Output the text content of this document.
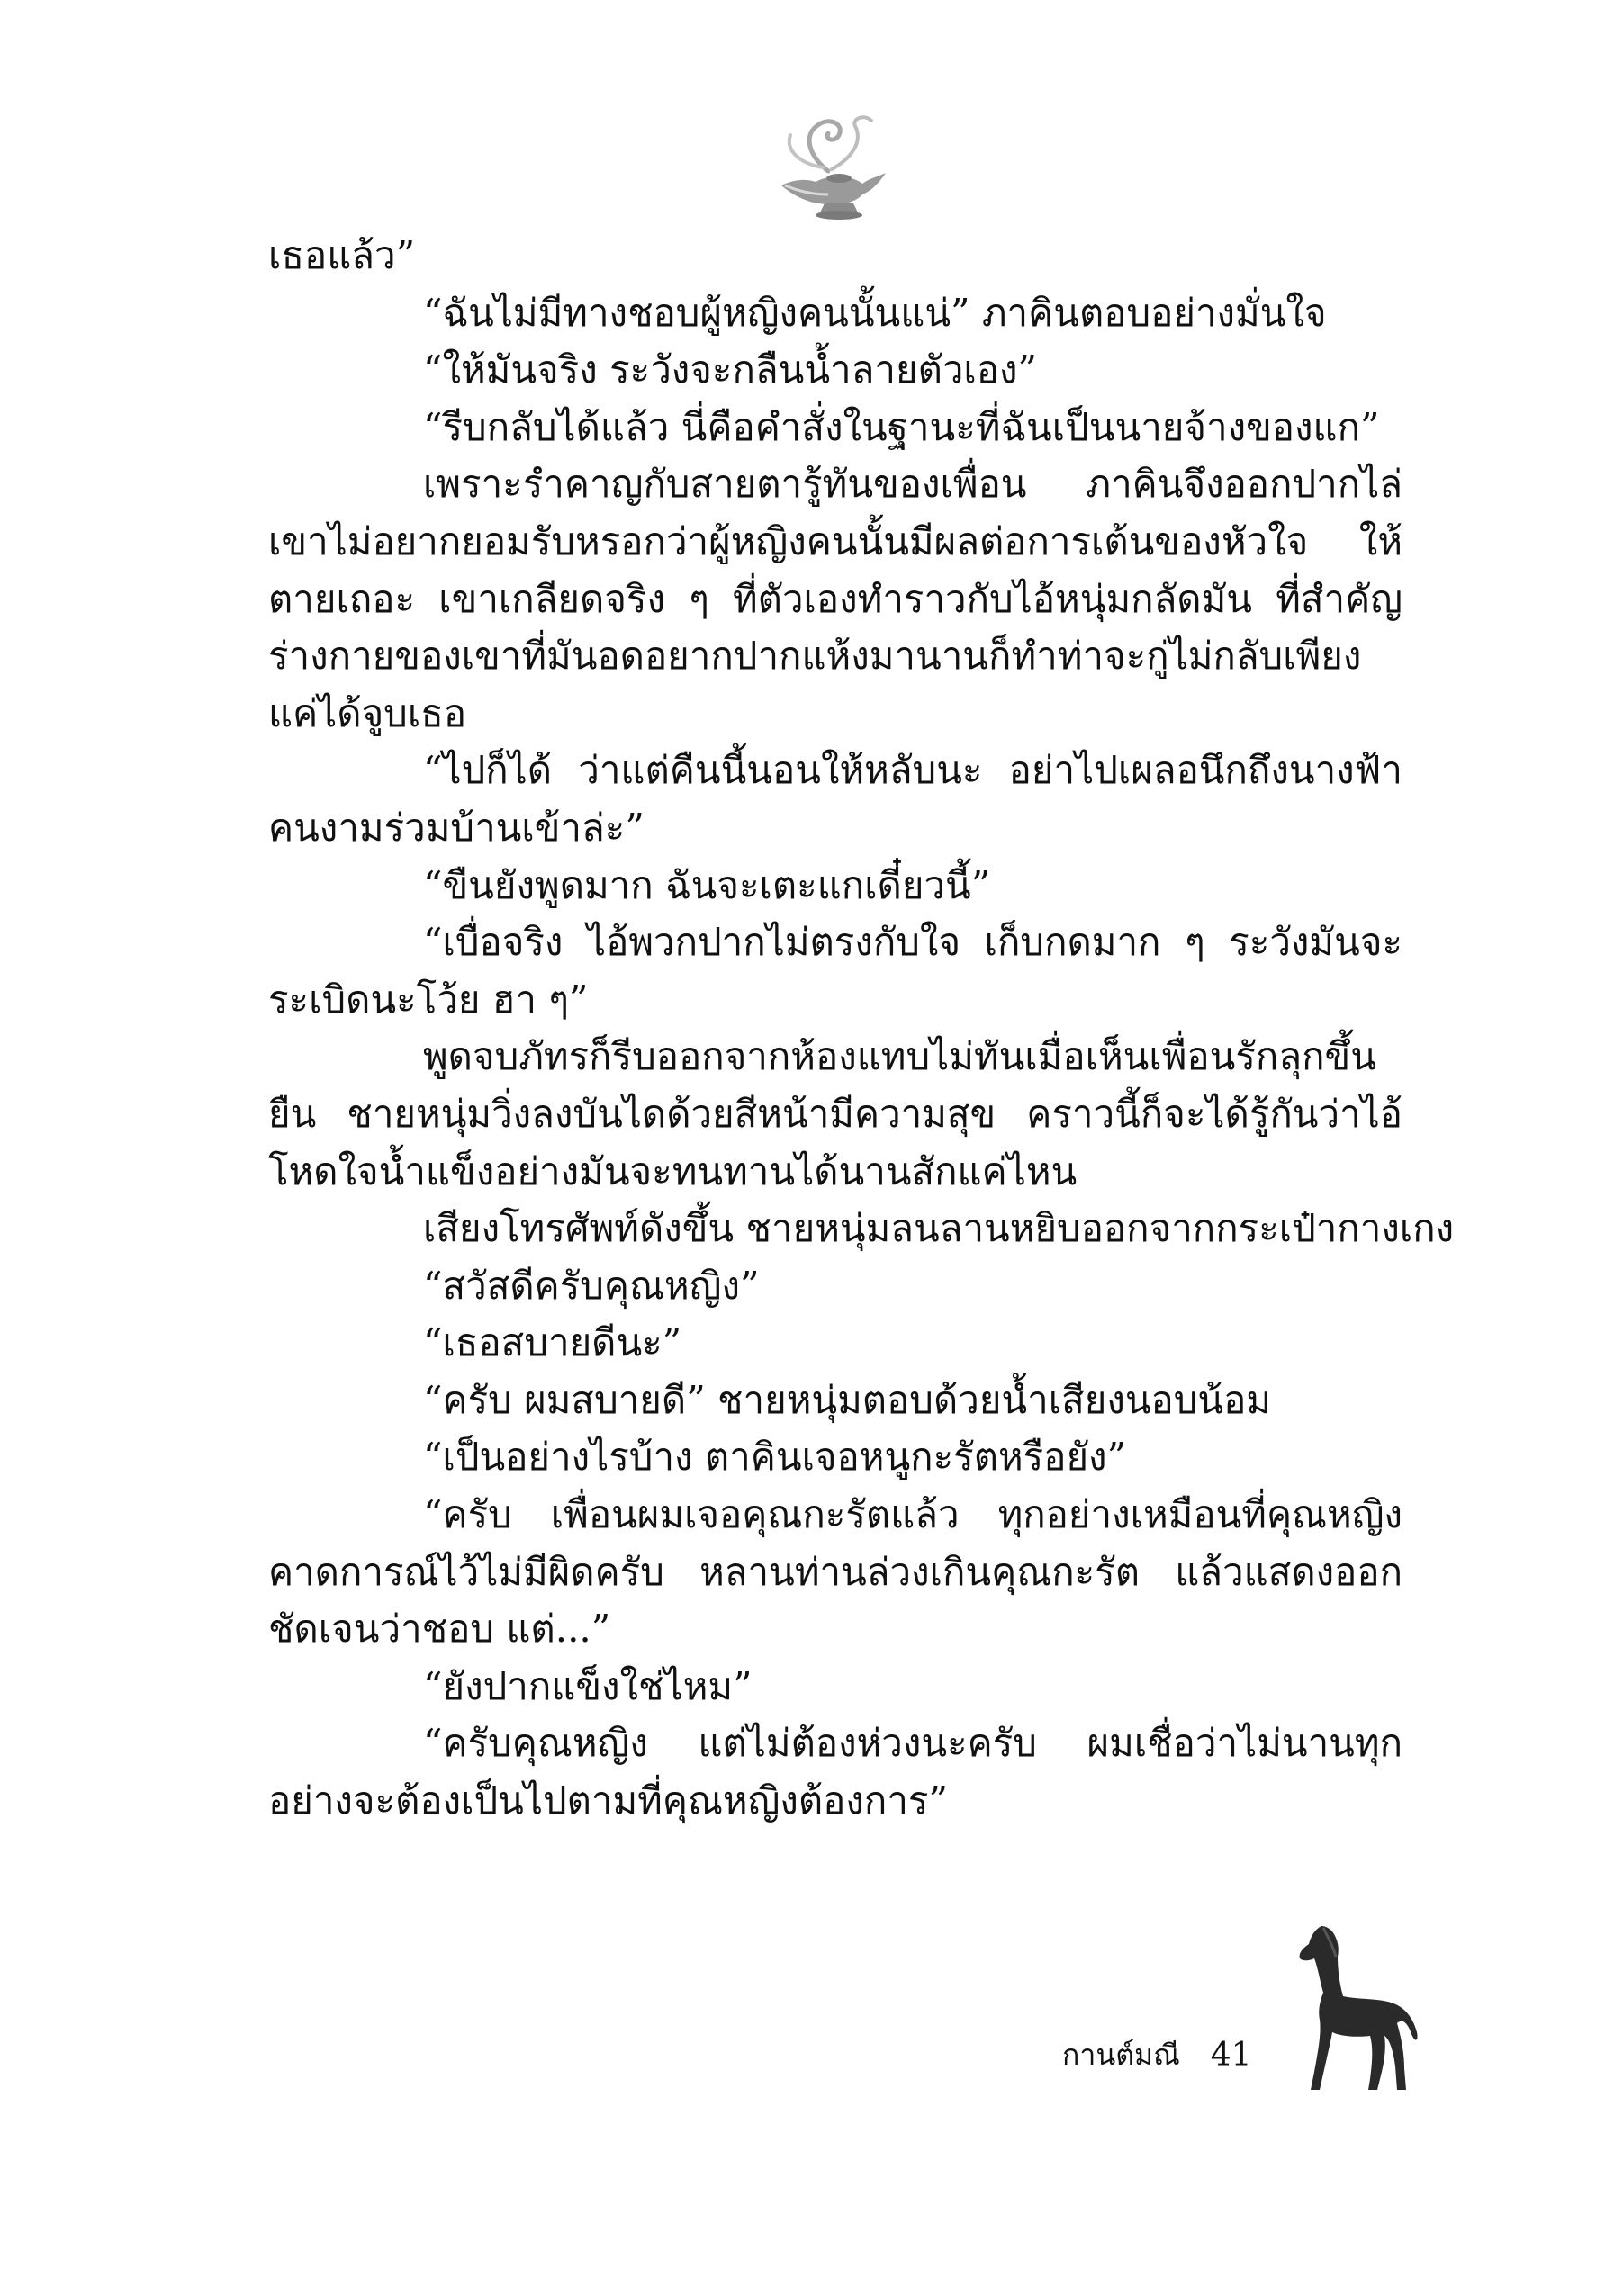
เธอแล้ว”

“ฉันไม่มีทางชอบผู้หญิงคนนั้นแน่” ภาคินตอบอย่างมั่นใจ

“ให้มันจริง ระวังจะกลืนน้ำลายตัวเอง”

“รีบกลับได้แล้ว นี่คือคำสั่งในฐานะที่ฉันเป็นนายจ้างของแก”

เพราะรำคาญกับสายตารู้ทันของเพื่อน ภาคินจึงออกปากไล่ เขาไม่อยากยอมรับหรอกว่าผู้หญิงคนนั้นมีผลต่อการเต้นของหัวใจ ให้ตายเถอะ เขาเกลียดจริง ๆ ที่ตัวเองทำราวกับไอ้หนุ่มกลัดมัน ที่สำคัญ ร่างกายของเขาที่มันอดอยากปากแห้งมานานก็ทำท่าจะกู่ไม่กลับเพียงแค่ได้จูบเธอ

“ไปก็ได้ ว่าแต่คืนนี้นอนให้หลับนะ อย่าไปเผลอนึกถึงนางฟ้าคนงามร่วมบ้านเข้าล่ะ”

“ขืนยังพูดมาก ฉันจะเตะแกเดี๋ยวนี้”

“เบื่อจริง ไอ้พวกปากไม่ตรงกับใจ เก็บกดมาก ๆ ระวังมันจะระเบิดนะโว้ย ฮา ๆ”

พูดจบภัทรก็รีบออกจากห้องแทบไม่ทันเมื่อเห็นเพื่อนรักลุกขึ้นยืน ชายหนุ่มวิ่งลงบันไดด้วยสีหน้ามีความสุข คราวนี้ก็จะได้รู้กันว่าไอ้โหดใจน้ำแข็งอย่างมันจะทนทานได้นานสักแค่ไหน

เสียงโทรศัพท์ดังขึ้น ชายหนุ่มลนลานหยิบออกจากกระเป๋ากางเกง

“สวัสดีครับคุณหญิง”

“เธอสบายดีนะ”

“ครับ ผมสบายดี” ชายหนุ่มตอบด้วยน้ำเสียงนอบน้อม

“เป็นอย่างไรบ้าง ตาคินเจอหนูกะรัตหรือยัง”

“ครับ เพื่อนผมเจอคุณกะรัตแล้ว ทุกอย่างเหมือนที่คุณหญิงคาดการณ์ไว้ไม่มีผิดครับ หลานท่านล่วงเกินคุณกะรัต แล้วแสดงออกชัดเจนว่าชอบ แต่...”

“ยังปากแข็งใช่ไหม”

“ครับคุณหญิง แต่ไม่ต้องห่วงนะครับ ผมเชื่อว่าไม่นานทุกอย่างจะต้องเป็นไปตามที่คุณหญิงต้องการ”

กานต์มณี 41
